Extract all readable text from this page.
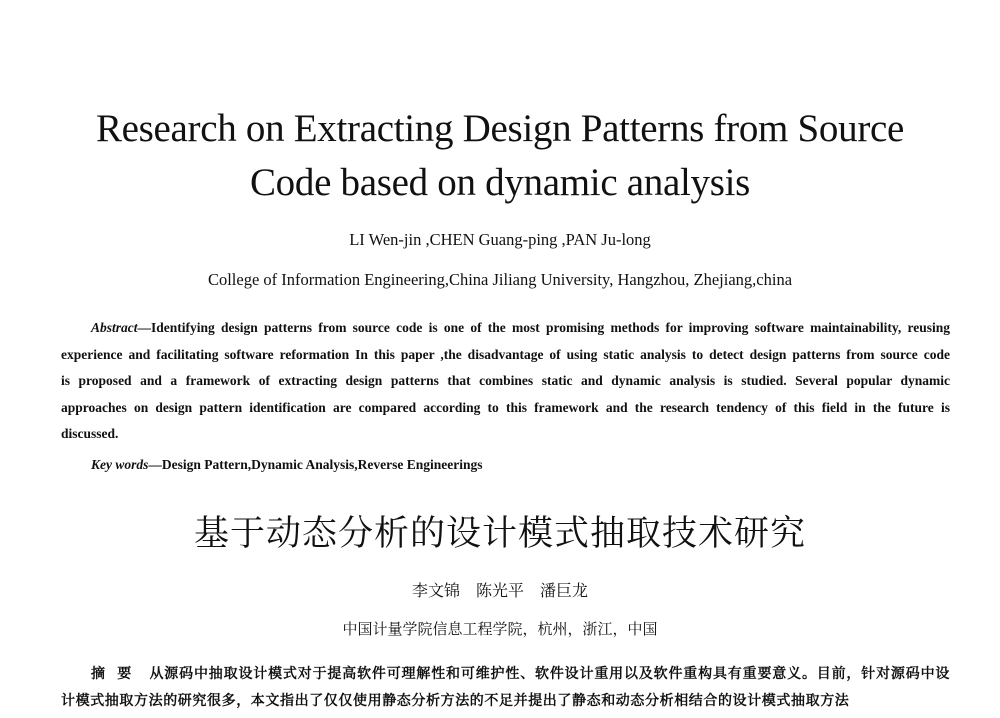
Research on Extracting Design Patterns from Source
Code based on dynamic analysis
LI Wen-jin ,CHEN Guang-ping ,PAN Ju-long
College of Information Engineering,China Jiliang University, Hangzhou, Zhejiang,china
Abstract—Identifying design patterns from source code is one of the most promising methods for improving software maintainability, reusing experience and facilitating software reformation In this paper ,the disadvantage of using static analysis to detect design patterns from source code is proposed and a framework of extracting design patterns that combines static and dynamic analysis is studied. Several popular dynamic approaches on design pattern identification are compared according to this framework and the research tendency of this field in the future is discussed.
Key words—Design Pattern,Dynamic Analysis,Reverse Engineerings
基于动态分析的设计模式抽取技术研究
李文锦　陈光平　潘巨龙
中国计量学院信息工程学院，杭州，浙江，中国
摘要 从源码中抽取设计模式对于提高软件可理解性和可维护性、软件设计重用以及软件重构具有重要意义。目前，针对源码中设计模式抽取方法的研究很多，本文指出了仅仅使用静态分析方法的不足并提出了静态和动态分析相结合的设计模式抽取方法
